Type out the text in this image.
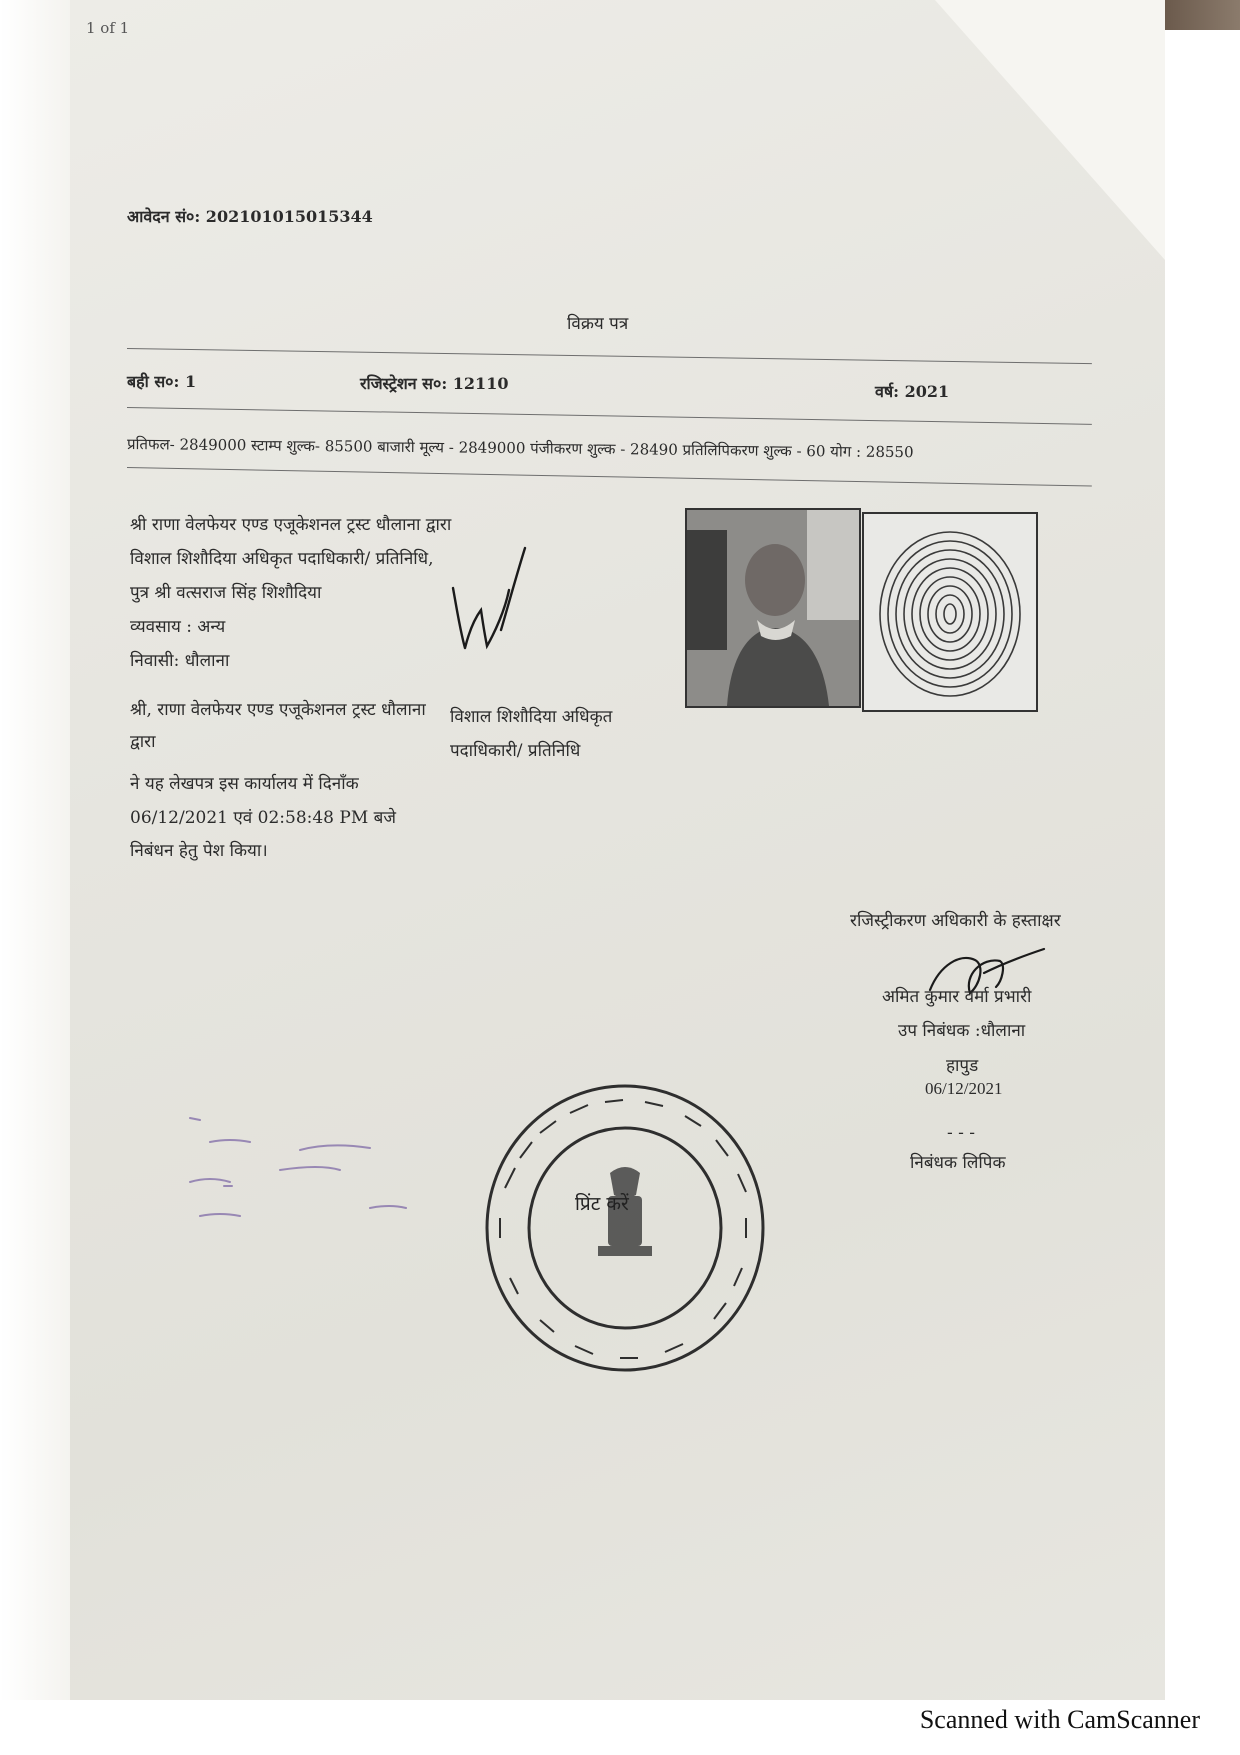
1 of 1
आवेदन सं०: 202101015015344
विक्रय पत्र
बही स०: 1	रजिस्ट्रेशन स०: 12110	वर्ष: 2021
प्रतिफल- 2849000 स्टाम्प शुल्क- 85500 बाजारी मूल्य - 2849000 पंजीकरण शुल्क - 28490 प्रतिलिपिकरण शुल्क - 60 योग : 28550
श्री राणा वेलफेयर एण्ड एजूकेशनल ट्रस्ट धौलाना द्वारा
विशाल शिशौदिया अधिकृत पदाधिकारी/ प्रतिनिधि,
पुत्र श्री वत्सराज सिंह शिशौदिया
व्यवसाय : अन्य
निवासी: धौलाना
श्री, राणा वेलफेयर एण्ड एजूकेशनल ट्रस्ट धौलाना
द्वारा
विशाल शिशौदिया अधिकृत
पदाधिकारी/ प्रतिनिधि
ने यह लेखपत्र इस कार्यालय में दिनाँक
06/12/2021 एवं 02:58:48 PM बजे
निबंधन हेतु पेश किया।
रजिस्ट्रीकरण अधिकारी के हस्ताक्षर
अमित कुमार वर्मा प्रभारी
उप निबंधक :धौलाना
हापुड
06/12/2021
- - -
निबंधक लिपिक
प्रिंट करें
Scanned with CamScanner
